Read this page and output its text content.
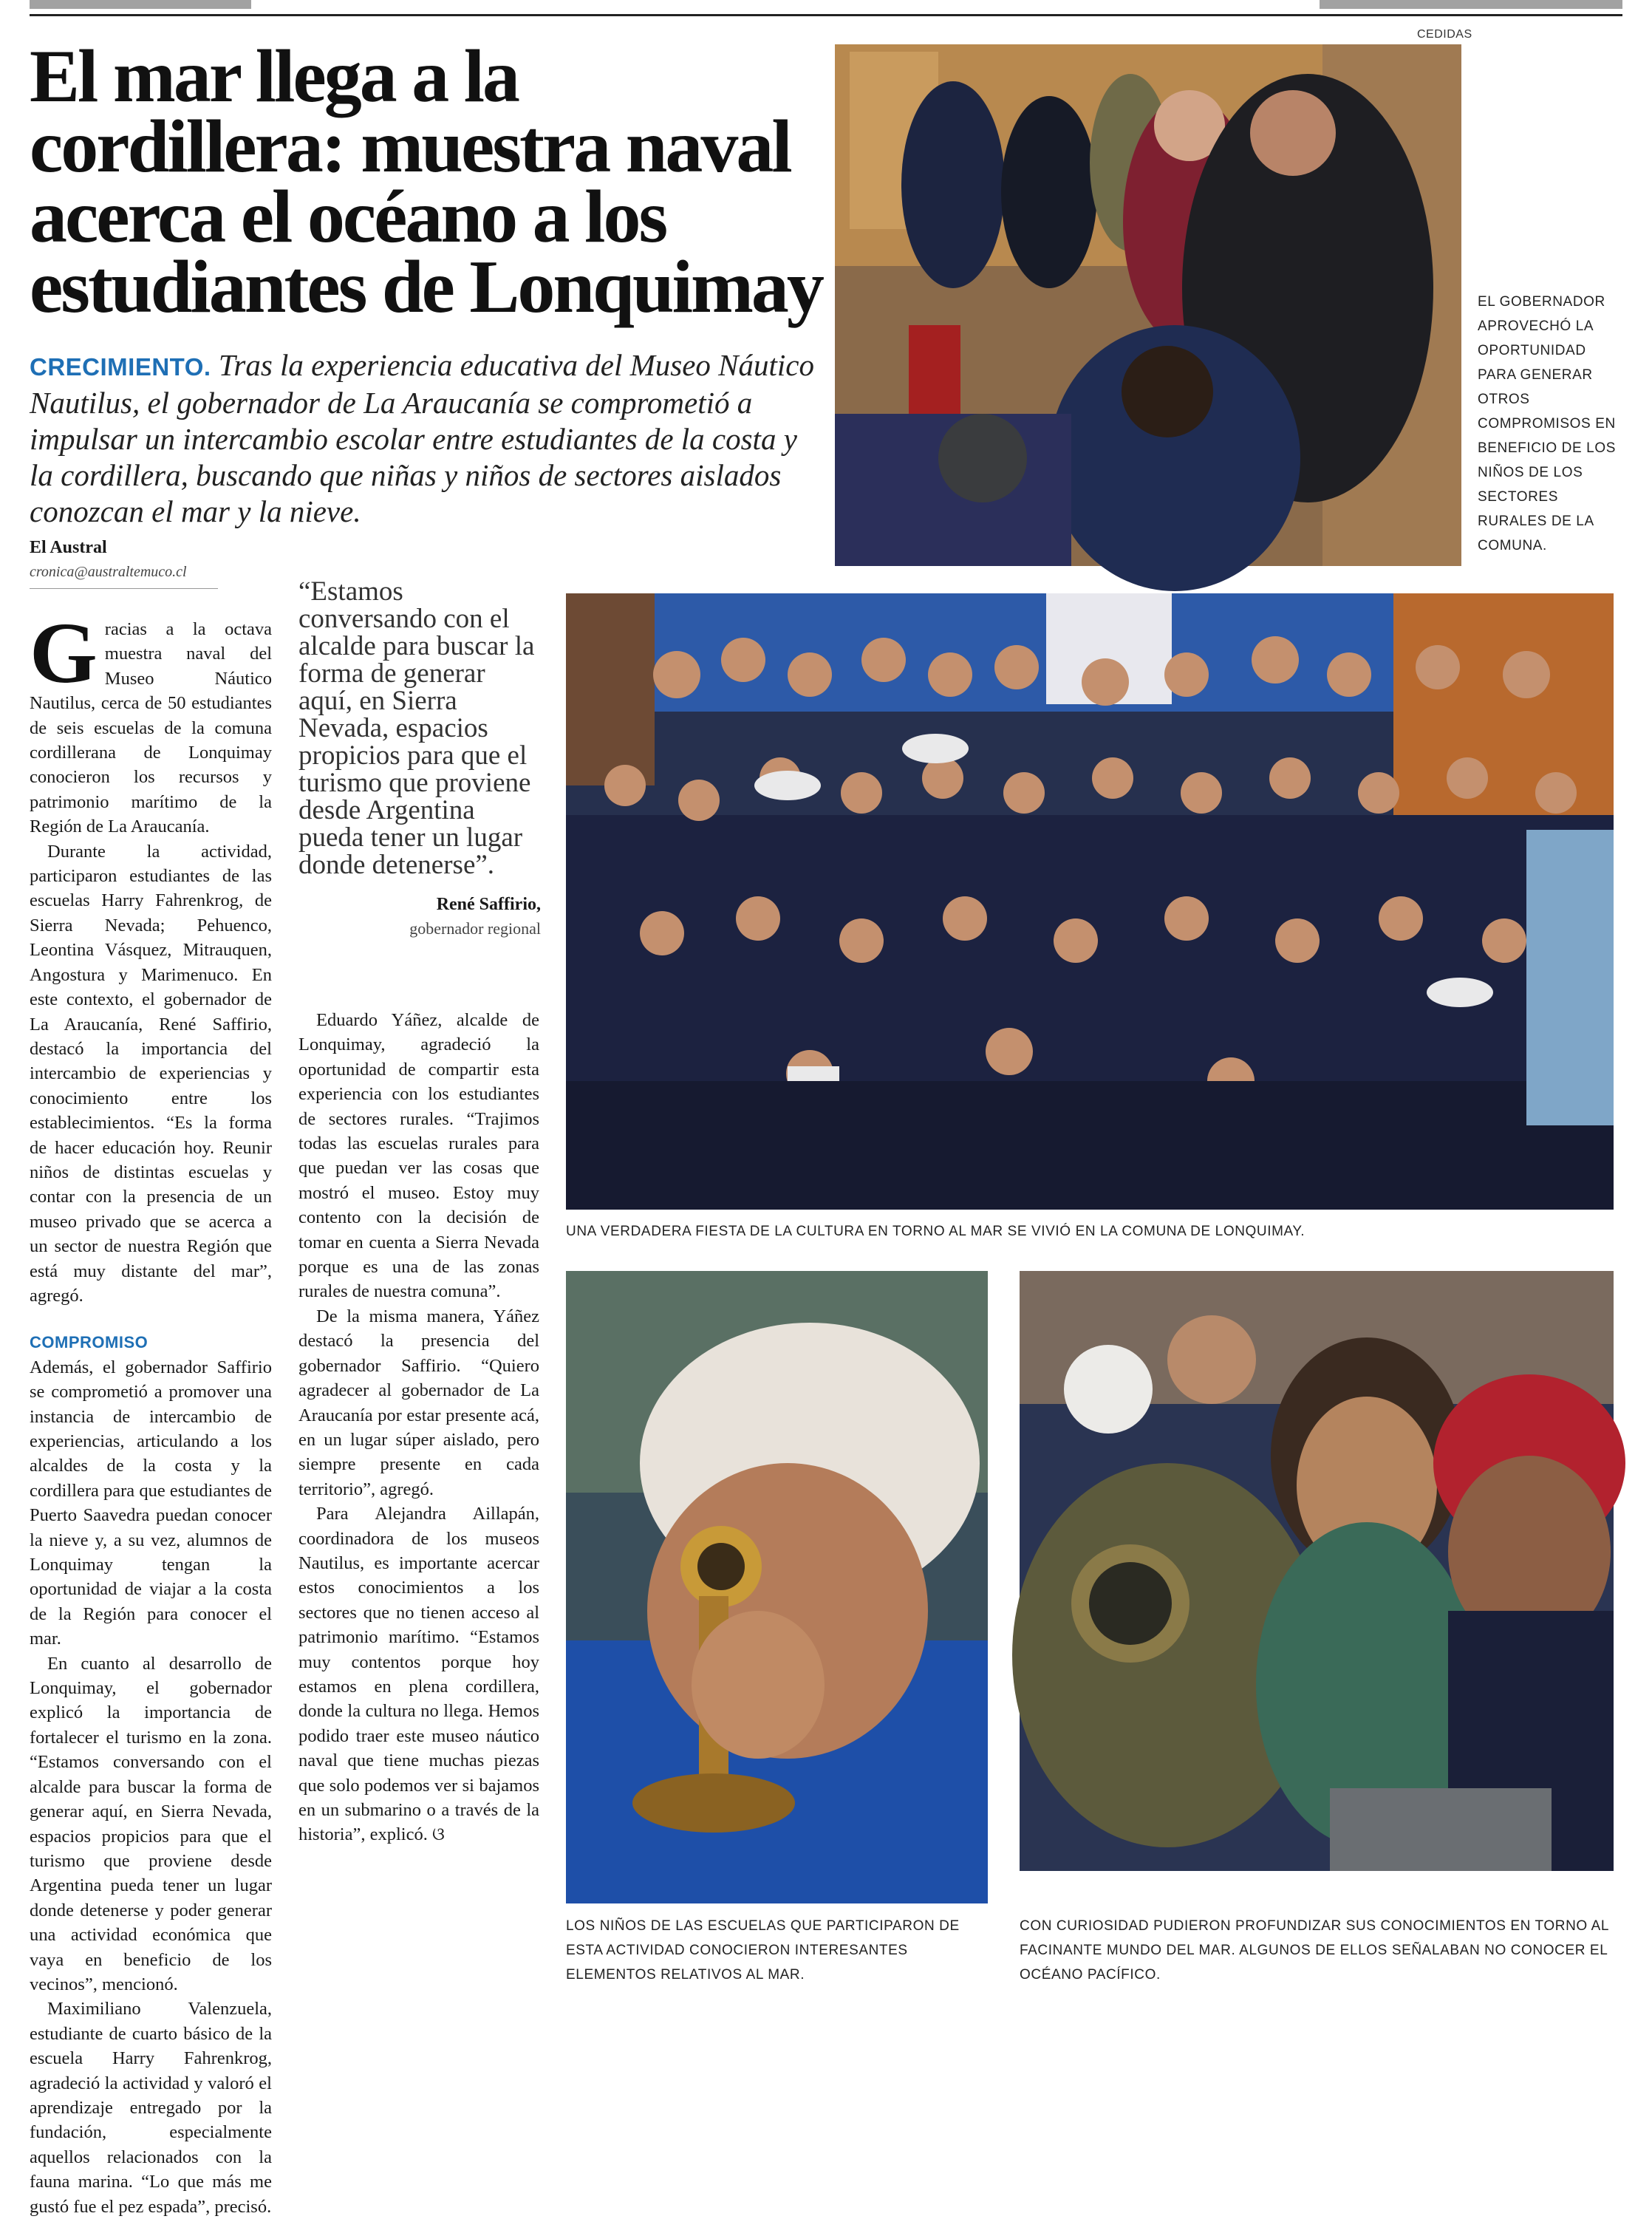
El mar llega a la cordillera: muestra naval acerca el océano a los estudiantes de Lonquimay
CRECIMIENTO. Tras la experiencia educativa del Museo Náutico Nautilus, el gobernador de La Araucanía se comprometió a impulsar un intercambio escolar entre estudiantes de la costa y la cordillera, buscando que niñas y niños de sectores aislados conozcan el mar y la nieve.
El Austral
cronica@australtemuco.cl

Gracias a la octava muestra naval del Museo Náutico Nautilus, cerca de 50 estudiantes de seis escuelas de la comuna cordillerana de Lonquimay conocieron los recursos y patrimonio marítimo de la Región de La Araucanía.

Durante la actividad, participaron estudiantes de las escuelas Harry Fahrenkrog, de Sierra Nevada; Pehuenco, Leontina Vásquez, Mitrauquen, Angostura y Marimenuco. En este contexto, el gobernador de La Araucanía, René Saffirio, destacó la importancia del intercambio de experiencias y conocimiento entre los establecimientos. “Es la forma de hacer educación hoy. Reunir niños de distintas escuelas y contar con la presencia de un museo privado que se acerca a un sector de nuestra Región que está muy distante del mar”, agregó.

COMPROMISO

Además, el gobernador Saffirio se comprometió a promover una instancia de intercambio de experiencias, articulando a los alcaldes de la costa y la cordillera para que estudiantes de Puerto Saavedra puedan conocer la nieve y, a su vez, alumnos de Lonquimay tengan la oportunidad de viajar a la costa de la Región para conocer el mar.

En cuanto al desarrollo de Lonquimay, el gobernador explicó la importancia de fortalecer el turismo en la zona. “Estamos conversando con el alcalde para buscar la forma de generar aquí, en Sierra Nevada, espacios propicios para que el turismo que proviene desde Argentina pueda tener un lugar donde detenerse y poder generar una actividad económica que vaya en beneficio de los vecinos”, mencionó.

Maximiliano Valenzuela, estudiante de cuarto básico de la escuela Harry Fahrenkrog, agradeció la actividad y valoró el aprendizaje entregado por la fundación, especialmente aquellos relacionados con la fauna marina. “Lo que más me gustó fue el pez espada”, precisó.

“Estamos conversando con el alcalde para buscar la forma de generar aquí, en Sierra Nevada, espacios propicios para que el turismo que proviene desde Argentina pueda tener un lugar donde detenerse”.
René Saffirio,
gobernador regional

Eduardo Yáñez, alcalde de Lonquimay, agradeció la oportunidad de compartir esta experiencia con los estudiantes de sectores rurales. “Trajimos todas las escuelas rurales para que puedan ver las cosas que mostró el museo. Estoy muy contento con la decisión de tomar en cuenta a Sierra Nevada porque es una de las zonas rurales de nuestra comuna”.

De la misma manera, Yáñez destacó la presencia del gobernador Saffirio. “Quiero agradecer al gobernador de La Araucanía por estar presente acá, en un lugar súper aislado, pero siempre presente en cada territorio”, agregó.

Para Alejandra Aillapán, coordinadora de los museos Nautilus, es importante acercar estos conocimientos a los sectores que no tienen acceso al patrimonio marítimo. “Estamos muy contentos porque hoy estamos en plena cordillera, donde la cultura no llega. Hemos podido traer este museo náutico naval que tiene muchas piezas que solo podemos ver si bajamos en un submarino o a través de la historia”, explicó. ଓ

CEDIDAS
EL GOBERNADOR APROVECHÓ LA OPORTUNIDAD PARA GENERAR OTROS COMPROMISOS EN BENEFICIO DE LOS NIÑOS DE LOS SECTORES RURALES DE LA COMUNA.
UNA VERDADERA FIESTA DE LA CULTURA EN TORNO AL MAR SE VIVIÓ EN LA COMUNA DE LONQUIMAY.
LOS NIÑOS DE LAS ESCUELAS QUE PARTICIPARON DE ESTA ACTIVIDAD CONOCIERON INTERESANTES ELEMENTOS RELATIVOS AL MAR.
CON CURIOSIDAD PUDIERON PROFUNDIZAR SUS CONOCIMIENTOS EN TORNO AL FACINANTE MUNDO DEL MAR. ALGUNOS DE ELLOS SEÑALABAN NO CONOCER EL OCÉANO PACÍFICO.
